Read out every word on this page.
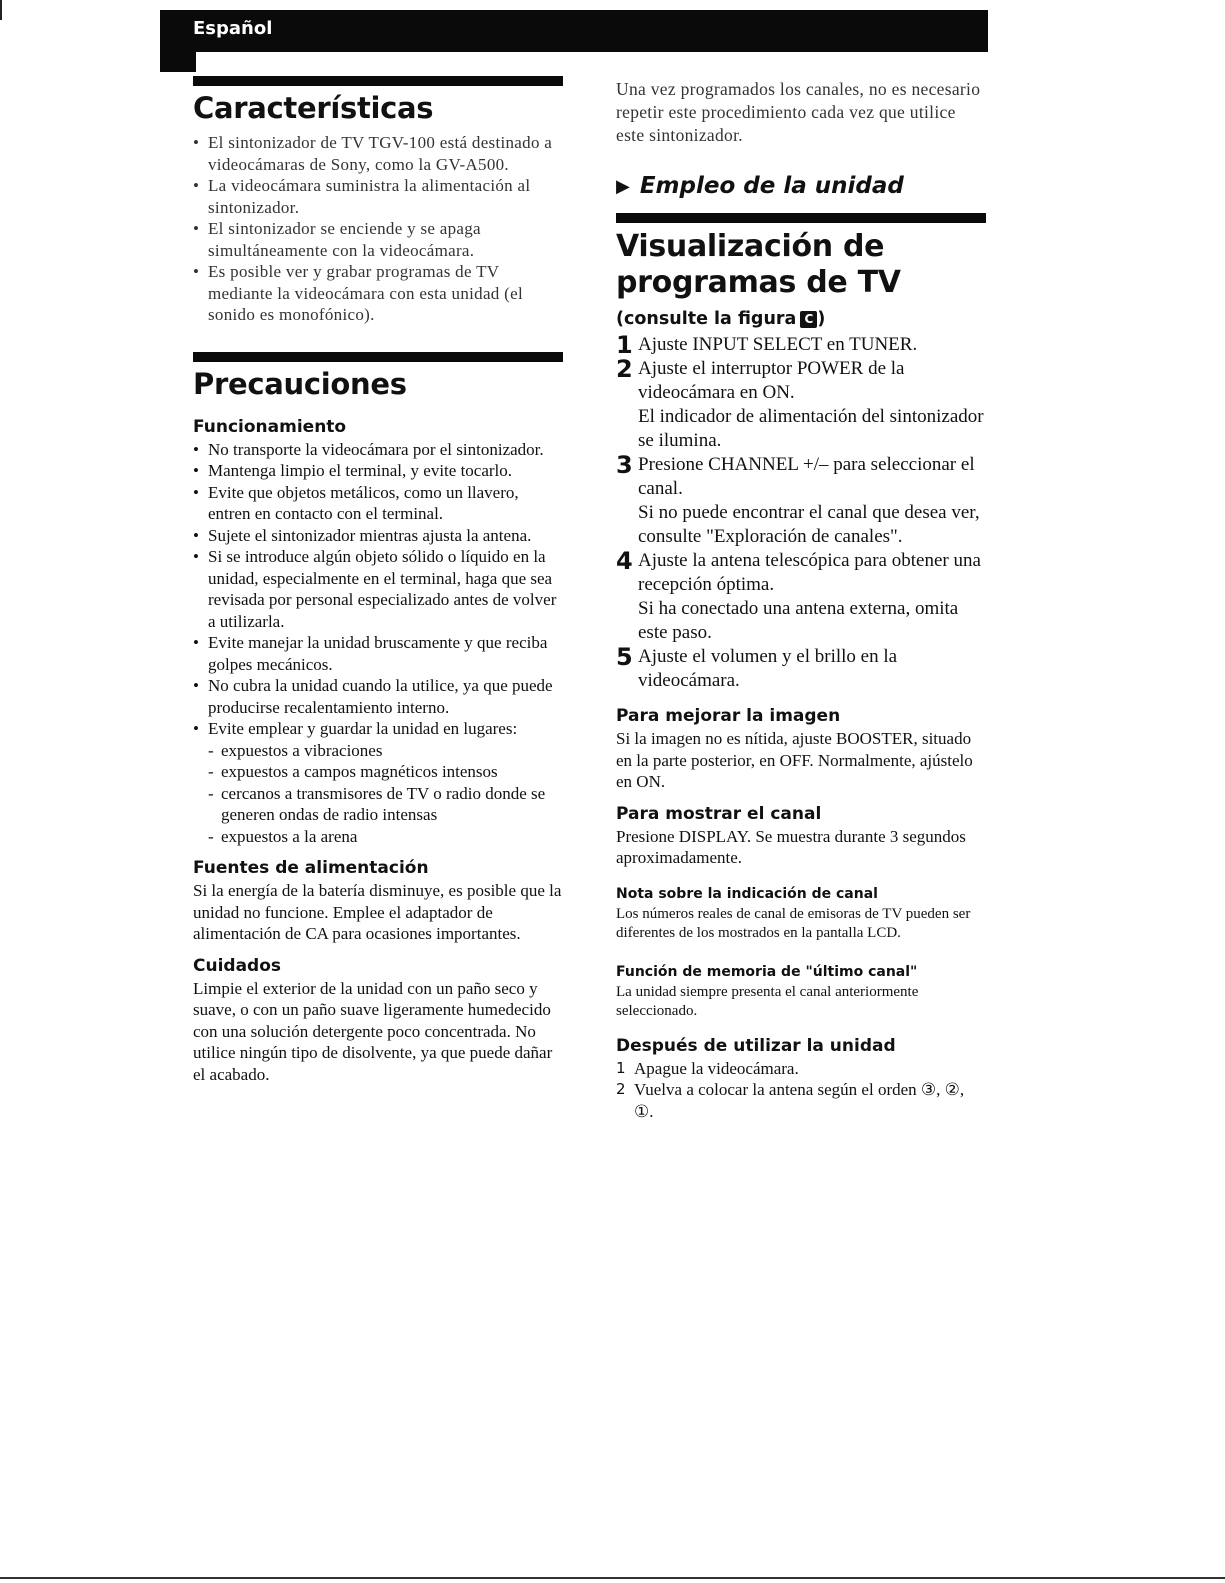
Español
Características
• El sintonizador de TV TGV-100 está destinado a videocámaras de Sony, como la GV-A500.
• La videocámara suministra la alimentación al sintonizador.
• El sintonizador se enciende y se apaga simultáneamente con la videocámara.
• Es posible ver y grabar programas de TV mediante la videocámara con esta unidad (el sonido es monofónico).
Precauciones
Funcionamiento
• No transporte la videocámara por el sintonizador.
• Mantenga limpio el terminal, y evite tocarlo.
• Evite que objetos metálicos, como un llavero, entren en contacto con el terminal.
• Sujete el sintonizador mientras ajusta la antena.
• Si se introduce algún objeto sólido o líquido en la unidad, especialmente en el terminal, haga que sea revisada por personal especializado antes de volver a utilizarla.
• Evite manejar la unidad bruscamente y que reciba golpes mecánicos.
• No cubra la unidad cuando la utilice, ya que puede producirse recalentamiento interno.
• Evite emplear y guardar la unidad en lugares:
- expuestos a vibraciones
- expuestos a campos magnéticos intensos
- cercanos a transmisores de TV o radio donde se generen ondas de radio intensas
- expuestos a la arena
Fuentes de alimentación
Si la energía de la batería disminuye, es posible que la unidad no funcione. Emplee el adaptador de alimentación de CA para ocasiones importantes.
Cuidados
Limpie el exterior de la unidad con un paño seco y suave, o con un paño suave ligeramente humedecido con una solución detergente poco concentrada. No utilice ningún tipo de disolvente, ya que puede dañar el acabado.
Una vez programados los canales, no es necesario repetir este procedimiento cada vez que utilice este sintonizador.
▶ Empleo de la unidad
Visualización de
programas de TV
(consulte la figura C )
1 Ajuste INPUT SELECT en TUNER.
2 Ajuste el interruptor POWER de la videocámara en ON.
El indicador de alimentación del sintonizador se ilumina.
3 Presione CHANNEL +/– para seleccionar el canal.
Si no puede encontrar el canal que desea ver, consulte "Exploración de canales".
4 Ajuste la antena telescópica para obtener una recepción óptima.
Si ha conectado una antena externa, omita este paso.
5 Ajuste el volumen y el brillo en la videocámara.
Para mejorar la imagen
Si la imagen no es nítida, ajuste BOOSTER, situado en la parte posterior, en OFF. Normalmente, ajústelo en ON.
Para mostrar el canal
Presione DISPLAY. Se muestra durante 3 segundos aproximadamente.
Nota sobre la indicación de canal
Los números reales de canal de emisoras de TV pueden ser diferentes de los mostrados en la pantalla LCD.
Función de memoria de "último canal"
La unidad siempre presenta el canal anteriormente seleccionado.
Después de utilizar la unidad
1 Apague la videocámara.
2 Vuelva a colocar la antena según el orden ③, ②, ①.
